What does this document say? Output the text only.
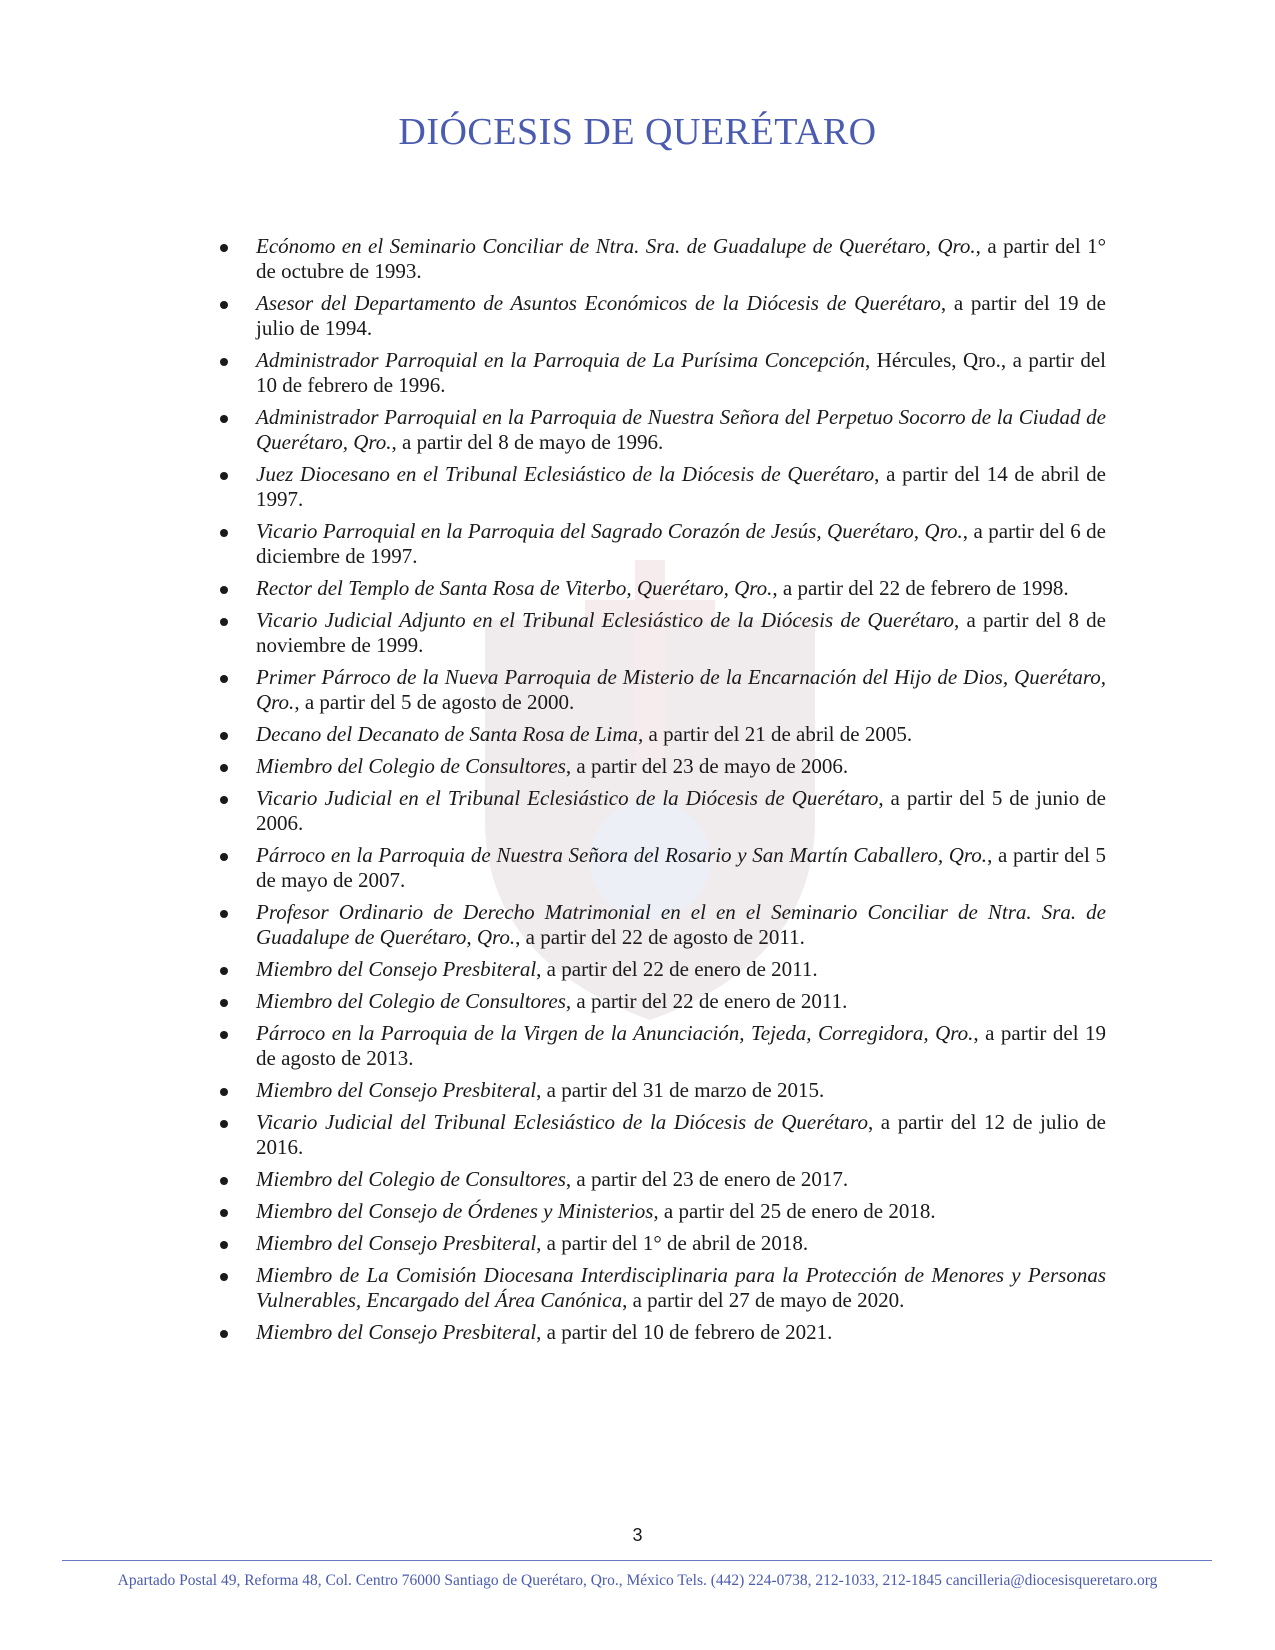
DIÓCESIS DE QUERÉTARO
Ecónomo en el Seminario Conciliar de Ntra. Sra. de Guadalupe de Querétaro, Qro., a partir del 1° de octubre de 1993.
Asesor del Departamento de Asuntos Económicos de la Diócesis de Querétaro, a partir del 19 de julio de 1994.
Administrador Parroquial en la Parroquia de La Purísima Concepción, Hércules, Qro., a partir del 10 de febrero de 1996.
Administrador Parroquial en la Parroquia de Nuestra Señora del Perpetuo Socorro de la Ciudad de Querétaro, Qro., a partir del 8 de mayo de 1996.
Juez Diocesano en el Tribunal Eclesiástico de la Diócesis de Querétaro, a partir del 14 de abril de 1997.
Vicario Parroquial en la Parroquia del Sagrado Corazón de Jesús, Querétaro, Qro., a partir del 6 de diciembre de 1997.
Rector del Templo de Santa Rosa de Viterbo, Querétaro, Qro., a partir del 22 de febrero de 1998.
Vicario Judicial Adjunto en el Tribunal Eclesiástico de la Diócesis de Querétaro, a partir del 8 de noviembre de 1999.
Primer Párroco de la Nueva Parroquia de Misterio de la Encarnación del Hijo de Dios, Querétaro, Qro., a partir del 5 de agosto de 2000.
Decano del Decanato de Santa Rosa de Lima, a partir del 21 de abril de 2005.
Miembro del Colegio de Consultores, a partir del 23 de mayo de 2006.
Vicario Judicial en el Tribunal Eclesiástico de la Diócesis de Querétaro, a partir del 5 de junio de 2006.
Párroco en la Parroquia de Nuestra Señora del Rosario y San Martín Caballero, Qro., a partir del 5 de mayo de 2007.
Profesor Ordinario de Derecho Matrimonial en el en el Seminario Conciliar de Ntra. Sra. de Guadalupe de Querétaro, Qro., a partir del 22 de agosto de 2011.
Miembro del Consejo Presbiteral, a partir del 22 de enero de 2011.
Miembro del Colegio de Consultores, a partir del 22 de enero de 2011.
Párroco en la Parroquia de la Virgen de la Anunciación, Tejeda, Corregidora, Qro., a partir del 19 de agosto de 2013.
Miembro del Consejo Presbiteral, a partir del 31 de marzo de 2015.
Vicario Judicial del Tribunal Eclesiástico de la Diócesis de Querétaro, a partir del 12 de julio de 2016.
Miembro del Colegio de Consultores, a partir del 23 de enero de 2017.
Miembro del Consejo de Órdenes y Ministerios, a partir del 25 de enero de 2018.
Miembro del Consejo Presbiteral, a partir del 1° de abril de 2018.
Miembro de La Comisión Diocesana Interdisciplinaria para la Protección de Menores y Personas Vulnerables, Encargado del Área Canónica, a partir del 27 de mayo de 2020.
Miembro del Consejo Presbiteral, a partir del 10 de febrero de 2021.
3
Apartado Postal 49, Reforma 48, Col. Centro 76000 Santiago de Querétaro, Qro., México Tels. (442) 224-0738, 212-1033, 212-1845 cancilleria@diocesisqueretaro.org
